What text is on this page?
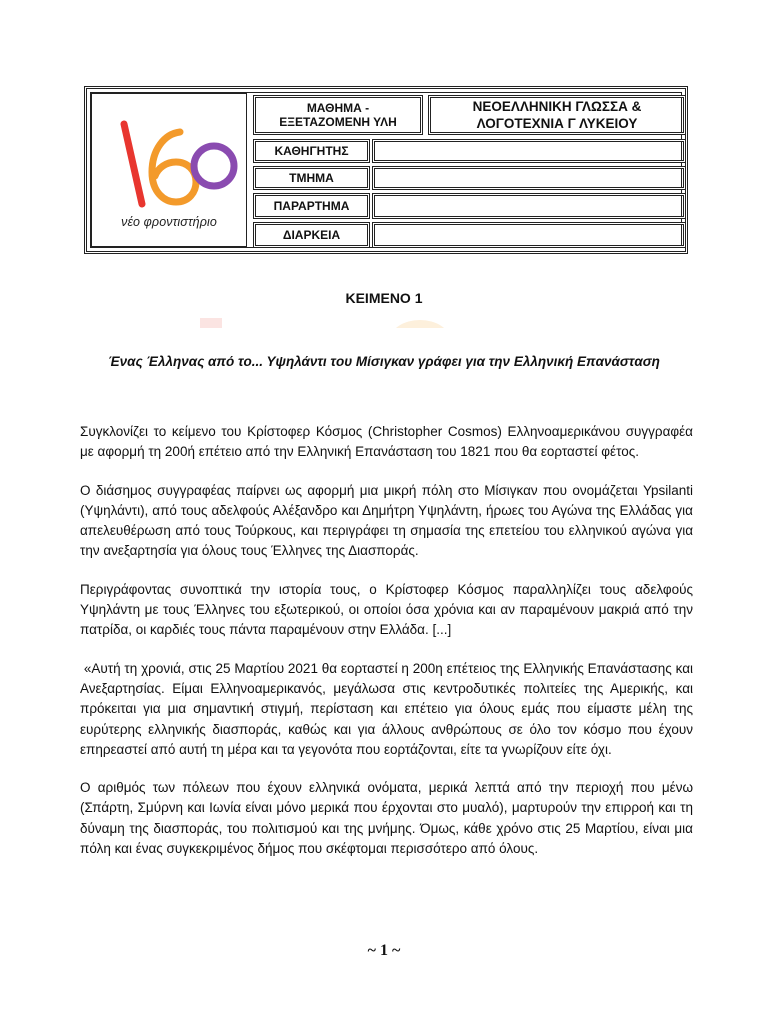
νέο φροντιστήριο
ΜΑΘΗΜΑ -
ΕΞΕΤΑΖΟΜΕΝΗ ΥΛΗ
ΝΕΟΕΛΛΗΝΙΚΗ ΓΛΩΣΣΑ &
ΛΟΓΟΤΕΧΝΙΑ Γ ΛΥΚΕΙΟΥ
ΚΑΘΗΓΗΤΗΣ
ΤΜΗΜΑ
ΠΑΡΑΡΤΗΜΑ
ΔΙΑΡΚΕΙΑ
ΚΕΙΜΕΝΟ 1
Ένας Έλληνας από το... Υψηλάντι του Μίσιγκαν γράφει για την Ελληνική Επανάσταση

Συγκλονίζει το κείμενο του Κρίστοφερ Κόσμος (Christopher Cosmos) Ελληνοαμερικάνου συγγραφέα με αφορμή τη 200ή επέτειο από την Ελληνική Επανάσταση του 1821 που θα εορταστεί φέτος.

Ο διάσημος συγγραφέας παίρνει ως αφορμή μια μικρή πόλη στο Μίσιγκαν που ονομάζεται Ypsilanti (Υψηλάντι), από τους αδελφούς Αλέξανδρο και Δημήτρη Υψηλάντη, ήρωες του Αγώνα της Ελλάδας για απελευθέρωση από τους Τούρκους, και περιγράφει τη σημασία της επετείου του ελληνικού αγώνα για την ανεξαρτησία για όλους τους Έλληνες της Διασποράς.

Περιγράφοντας συνοπτικά την ιστορία τους, ο Κρίστοφερ Κόσμος παραλληλίζει τους αδελφούς Υψηλάντη με τους Έλληνες του εξωτερικού, οι οποίοι όσα χρόνια και αν παραμένουν μακριά από την πατρίδα, οι καρδιές τους πάντα παραμένουν στην Ελλάδα. [...]

«Αυτή τη χρονιά, στις 25 Μαρτίου 2021 θα εορταστεί η 200η επέτειος της Ελληνικής Επανάστασης και Ανεξαρτησίας. Είμαι Ελληνοαμερικανός, μεγάλωσα στις κεντροδυτικές πολιτείες της Αμερικής, και πρόκειται για μια σημαντική στιγμή, περίσταση και επέτειο για όλους εμάς που είμαστε μέλη της ευρύτερης ελληνικής διασποράς, καθώς και για άλλους ανθρώπους σε όλο τον κόσμο που έχουν επηρεαστεί από αυτή τη μέρα και τα γεγονότα που εορτάζονται, είτε τα γνωρίζουν είτε όχι.

Ο αριθμός των πόλεων που έχουν ελληνικά ονόματα, μερικά λεπτά από την περιοχή που μένω (Σπάρτη, Σμύρνη και Ιωνία είναι μόνο μερικά που έρχονται στο μυαλό), μαρτυρούν την επιρροή και τη δύναμη της διασποράς, του πολιτισμού και της μνήμης. Όμως, κάθε χρόνο στις 25 Μαρτίου, είναι μια πόλη και ένας συγκεκριμένος δήμος που σκέφτομαι περισσότερο από όλους.

~ 1 ~
